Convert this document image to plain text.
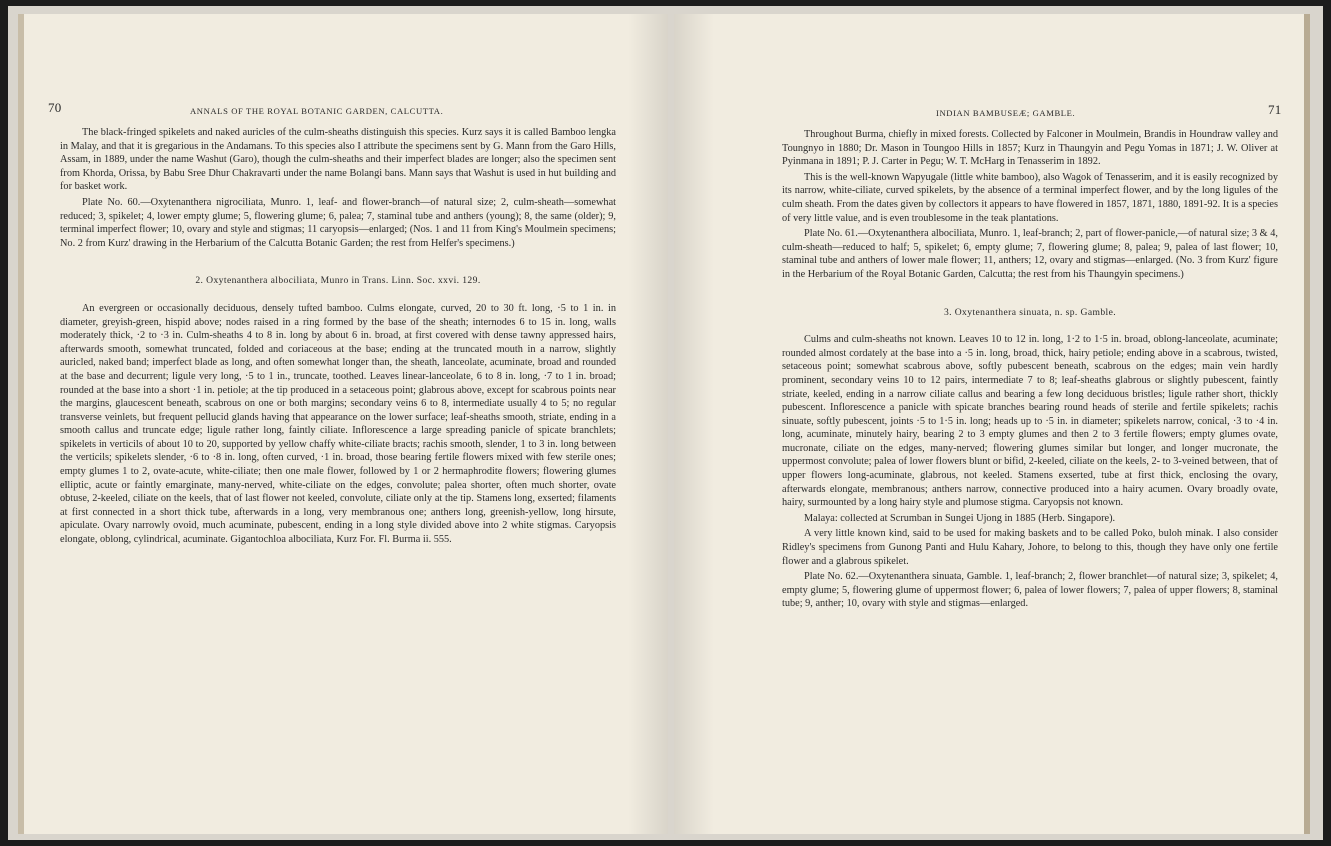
70	ANNALS OF THE ROYAL BOTANIC GARDEN, CALCUTTA.

The black-fringed spikelets and naked auricles of the culm-sheaths distinguish this species. Kurz says it is called Bamboo lengka in Malay, and that it is gregarious in the Andamans. To this species also I attribute the specimens sent by G. Mann from the Garo Hills, Assam, in 1889, under the name Washut (Garo), though the culm-sheaths and their imperfect blades are longer; also the specimen sent from Khorda, Orissa, by Babu Sree Dhur Chakravarti under the name Bolangi bans. Mann says that Washut is used in hut building and for basket work.

Plate No. 60.—Oxytenanthera nigrociliata, Munro. 1, leaf- and flower-branch—of natural size; 2, culm-sheath—somewhat reduced; 3, spikelet; 4, lower empty glume; 5, flowering glume; 6, palea; 7, staminal tube and anthers (young); 8, the same (older); 9, terminal imperfect flower; 10, ovary and style and stigmas; 11 caryopsis—enlarged; (Nos. 1 and 11 from King's Moulmein specimens; No. 2 from Kurz' drawing in the Herbarium of the Calcutta Botanic Garden; the rest from Helfer's specimens.)

2. Oxytenanthera albociliata, Munro in Trans. Linn. Soc. xxvi. 129.

An evergreen or occasionally deciduous, densely tufted bamboo. Culms elongate, curved, 20 to 30 ft. long, ·5 to 1 in. in diameter, greyish-green, hispid above; nodes raised in a ring formed by the base of the sheath; internodes 6 to 15 in. long, walls moderately thick, ·2 to ·3 in. Culm-sheaths 4 to 8 in. long by about 6 in. broad, at first covered with dense tawny appressed hairs, afterwards smooth, somewhat truncated, folded and coriaceous at the base; ending at the truncated mouth in a narrow, slightly auricled, naked band; imperfect blade as long, and often somewhat longer than, the sheath, lanceolate, acuminate, broad and rounded at the base and decurrent; ligule very long, ·5 to 1 in., truncate, toothed. Leaves linear-lanceolate, 6 to 8 in. long, ·7 to 1 in. broad; rounded at the base into a short ·1 in. petiole; at the tip produced in a setaceous point; glabrous above, except for scabrous points near the margins, glaucescent beneath, scabrous on one or both margins; secondary veins 6 to 8, intermediate usually 4 to 5; no regular transverse veinlets, but frequent pellucid glands having that appearance on the lower surface; leaf-sheaths smooth, striate, ending in a smooth callus and truncate edge; ligule rather long, faintly ciliate. Inflorescence a large spreading panicle of spicate branchlets; spikelets in verticils of about 10 to 20, supported by yellow chaffy white-ciliate bracts; rachis smooth, slender, 1 to 3 in. long between the verticils; spikelets slender, ·6 to ·8 in. long, often curved, ·1 in. broad, those bearing fertile flowers mixed with few sterile ones; empty glumes 1 to 2, ovate-acute, white-ciliate; then one male flower, followed by 1 or 2 hermaphrodite flowers; flowering glumes elliptic, acute or faintly emarginate, many-nerved, white-ciliate on the edges, convolute; palea shorter, often much shorter, ovate obtuse, 2-keeled, ciliate on the keels, that of last flower not keeled, convolute, ciliate only at the tip. Stamens long, exserted; filaments at first connected in a short thick tube, afterwards in a long, very membranous one; anthers long, greenish-yellow, long hirsute, apiculate. Ovary narrowly ovoid, much acuminate, pubescent, ending in a long style divided above into 2 white stigmas. Caryopsis elongate, oblong, cylindrical, acuminate. Gigantochloa albociliata, Kurz For. Fl. Burma ii. 555.

INDIAN BAMBUSEÆ; GAMBLE.	71

Throughout Burma, chiefly in mixed forests. Collected by Falconer in Moulmein, Brandis in Houndraw valley and Toungnyo in 1880; Dr. Mason in Toungoo Hills in 1857; Kurz in Thaungyin and Pegu Yomas in 1871; J. W. Oliver at Pyinmana in 1891; P. J. Carter in Pegu; W. T. McHarg in Tenasserim in 1892.

This is the well-known Wapyugale (little white bamboo), also Wagok of Tenasserim, and it is easily recognized by its narrow, white-ciliate, curved spikelets, by the absence of a terminal imperfect flower, and by the long ligules of the culm sheath. From the dates given by collectors it appears to have flowered in 1857, 1871, 1880, 1891-92. It is a species of very little value, and is even troublesome in the teak plantations.

Plate No. 61.—Oxytenanthera albociliata, Munro. 1, leaf-branch; 2, part of flower-panicle,—of natural size; 3 & 4, culm-sheath—reduced to half; 5, spikelet; 6, empty glume; 7, flowering glume; 8, palea; 9, palea of last flower; 10, staminal tube and anthers of lower male flower; 11, anthers; 12, ovary and stigmas—enlarged. (No. 3 from Kurz' figure in the Herbarium of the Royal Botanic Garden, Calcutta; the rest from his Thaungyin specimens.)

3. Oxytenanthera sinuata, n. sp. Gamble.

Culms and culm-sheaths not known. Leaves 10 to 12 in. long, 1·2 to 1·5 in. broad, oblong-lanceolate, acuminate; rounded almost cordately at the base into a ·5 in. long, broad, thick, hairy petiole; ending above in a scabrous, twisted, setaceous point; somewhat scabrous above, softly pubescent beneath, scabrous on the edges; main vein hardly prominent, secondary veins 10 to 12 pairs, intermediate 7 to 8; leaf-sheaths glabrous or slightly pubescent, faintly striate, keeled, ending in a narrow ciliate callus and bearing a few long deciduous bristles; ligule rather short, thickly pubescent. Inflorescence a panicle with spicate branches bearing round heads of sterile and fertile spikelets; rachis sinuate, softly pubescent, joints ·5 to 1·5 in. long; heads up to ·5 in. in diameter; spikelets narrow, conical, ·3 to ·4 in. long, acuminate, minutely hairy, bearing 2 to 3 empty glumes and then 2 to 3 fertile flowers; empty glumes ovate, mucronate, ciliate on the edges, many-nerved; flowering glumes similar but longer, and longer mucronate, the uppermost convolute; palea of lower flowers blunt or bifid, 2-keeled, ciliate on the keels, 2- to 3-veined between, that of upper flowers long-acuminate, glabrous, not keeled. Stamens exserted, tube at first thick, enclosing the ovary, afterwards elongate, membranous; anthers narrow, connective produced into a hairy acumen. Ovary broadly ovate, hairy, surmounted by a long hairy style and plumose stigma. Caryopsis not known.

Malaya: collected at Scrumban in Sungei Ujong in 1885 (Herb. Singapore).

A very little known kind, said to be used for making baskets and to be called Poko, buloh minak. I also consider Ridley's specimens from Gunong Panti and Hulu Kahary, Johore, to belong to this, though they have only one fertile flower and a glabrous spikelet.

Plate No. 62.—Oxytenanthera sinuata, Gamble. 1, leaf-branch; 2, flower branchlet—of natural size; 3, spikelet; 4, empty glume; 5, flowering glume of uppermost flower; 6, palea of lower flowers; 7, palea of upper flowers; 8, staminal tube; 9, anther; 10, ovary with style and stigmas—enlarged.
